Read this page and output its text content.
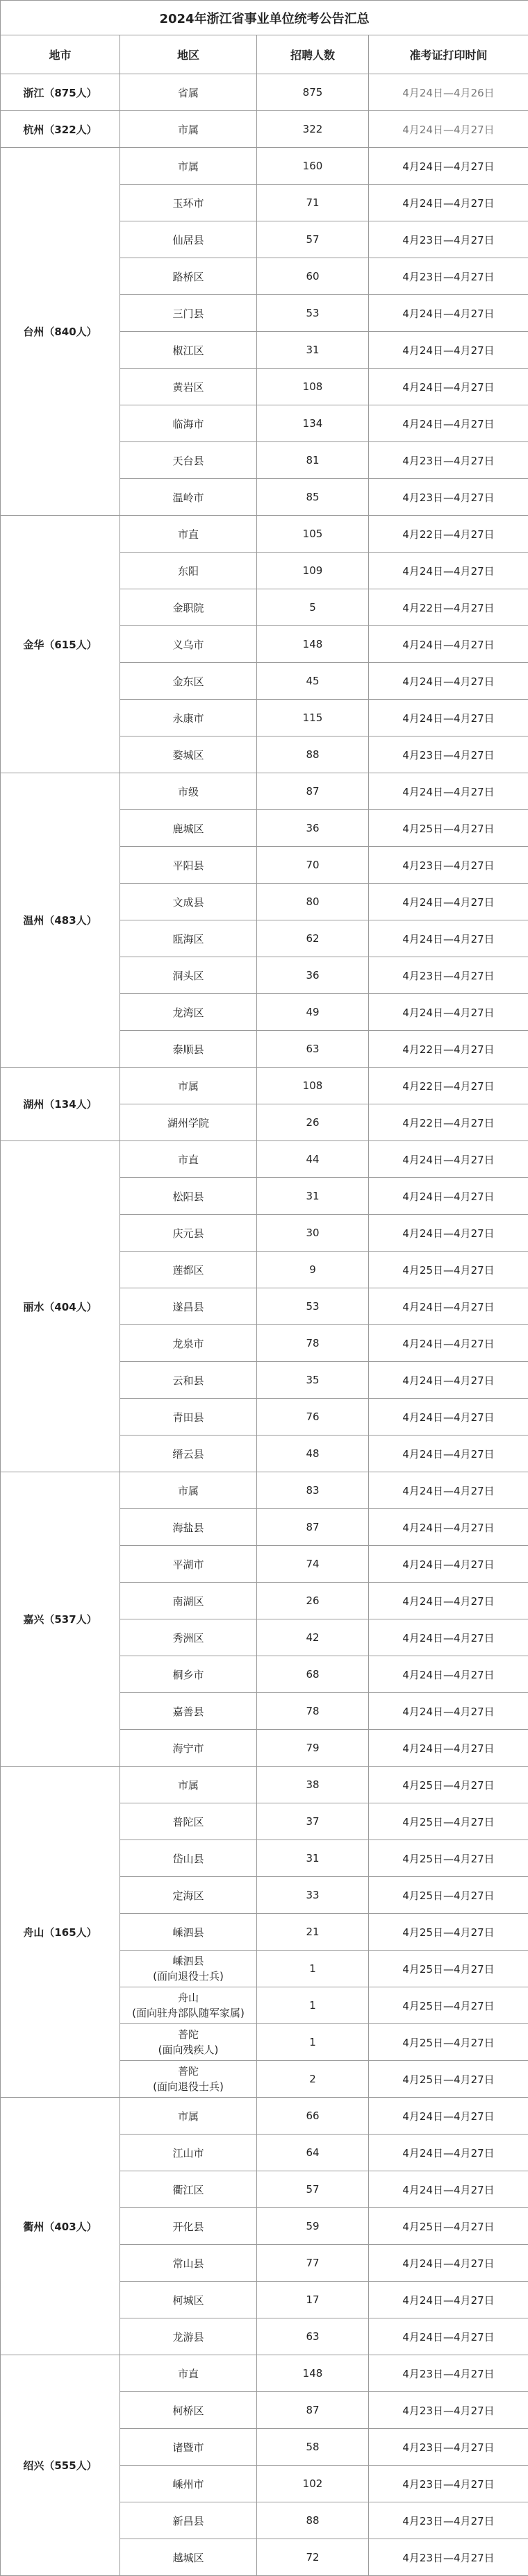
2024年浙江省事业单位统考公告汇总			
地市	地区	招聘人数	准考证打印时间
浙江（875人）	省属	875	4月24日—4月26日
杭州（322人）	市属	322	4月24日—4月27日
台州（840人）	市属	160	4月24日—4月27日
	玉环市	71	4月24日—4月27日
	仙居县	57	4月23日—4月27日
	路桥区	60	4月23日—4月27日
	三门县	53	4月24日—4月27日
	椒江区	31	4月24日—4月27日
	黄岩区	108	4月24日—4月27日
	临海市	134	4月24日—4月27日
	天台县	81	4月23日—4月27日
	温岭市	85	4月23日—4月27日
金华（615人）	市直	105	4月22日—4月27日
	东阳	109	4月24日—4月27日
	金职院	5	4月22日—4月27日
	义乌市	148	4月24日—4月27日
	金东区	45	4月24日—4月27日
	永康市	115	4月24日—4月27日
	婺城区	88	4月23日—4月27日
温州（483人）	市级	87	4月24日—4月27日
	鹿城区	36	4月25日—4月27日
	平阳县	70	4月23日—4月27日
	文成县	80	4月24日—4月27日
	瓯海区	62	4月24日—4月27日
	洞头区	36	4月23日—4月27日
	龙湾区	49	4月24日—4月27日
	泰顺县	63	4月22日—4月27日
湖州（134人）	市属	108	4月22日—4月27日
	湖州学院	26	4月22日—4月27日
丽水（404人）	市直	44	4月24日—4月27日
	松阳县	31	4月24日—4月27日
	庆元县	30	4月24日—4月27日
	莲都区	9	4月25日—4月27日
	遂昌县	53	4月24日—4月27日
	龙泉市	78	4月24日—4月27日
	云和县	35	4月24日—4月27日
	青田县	76	4月24日—4月27日
	缙云县	48	4月24日—4月27日
嘉兴（537人）	市属	83	4月24日—4月27日
	海盐县	87	4月24日—4月27日
	平湖市	74	4月24日—4月27日
	南湖区	26	4月24日—4月27日
	秀洲区	42	4月24日—4月27日
	桐乡市	68	4月24日—4月27日
	嘉善县	78	4月24日—4月27日
	海宁市	79	4月24日—4月27日
舟山（165人）	市属	38	4月25日—4月27日
	普陀区	37	4月25日—4月27日
	岱山县	31	4月25日—4月27日
	定海区	33	4月25日—4月27日
	嵊泗县	21	4月25日—4月27日

	嵊泗县
(面向退役士兵)	1	4月25日—4月27日

	舟山
(面向驻舟部队随军家属)	1	4月25日—4月27日

	普陀
(面向残疾人)	1	4月25日—4月27日

	普陀
(面向退役士兵)	2	4月25日—4月27日
衢州（403人）	市属	66	4月24日—4月27日
	江山市	64	4月24日—4月27日
	衢江区	57	4月24日—4月27日
	开化县	59	4月25日—4月27日
	常山县	77	4月24日—4月27日
	柯城区	17	4月24日—4月27日
	龙游县	63	4月24日—4月27日
绍兴（555人）	市直	148	4月23日—4月27日
	柯桥区	87	4月23日—4月27日
	诸暨市	58	4月23日—4月27日
	嵊州市	102	4月23日—4月27日
	新昌县	88	4月23日—4月27日
	越城区	72	4月23日—4月27日
